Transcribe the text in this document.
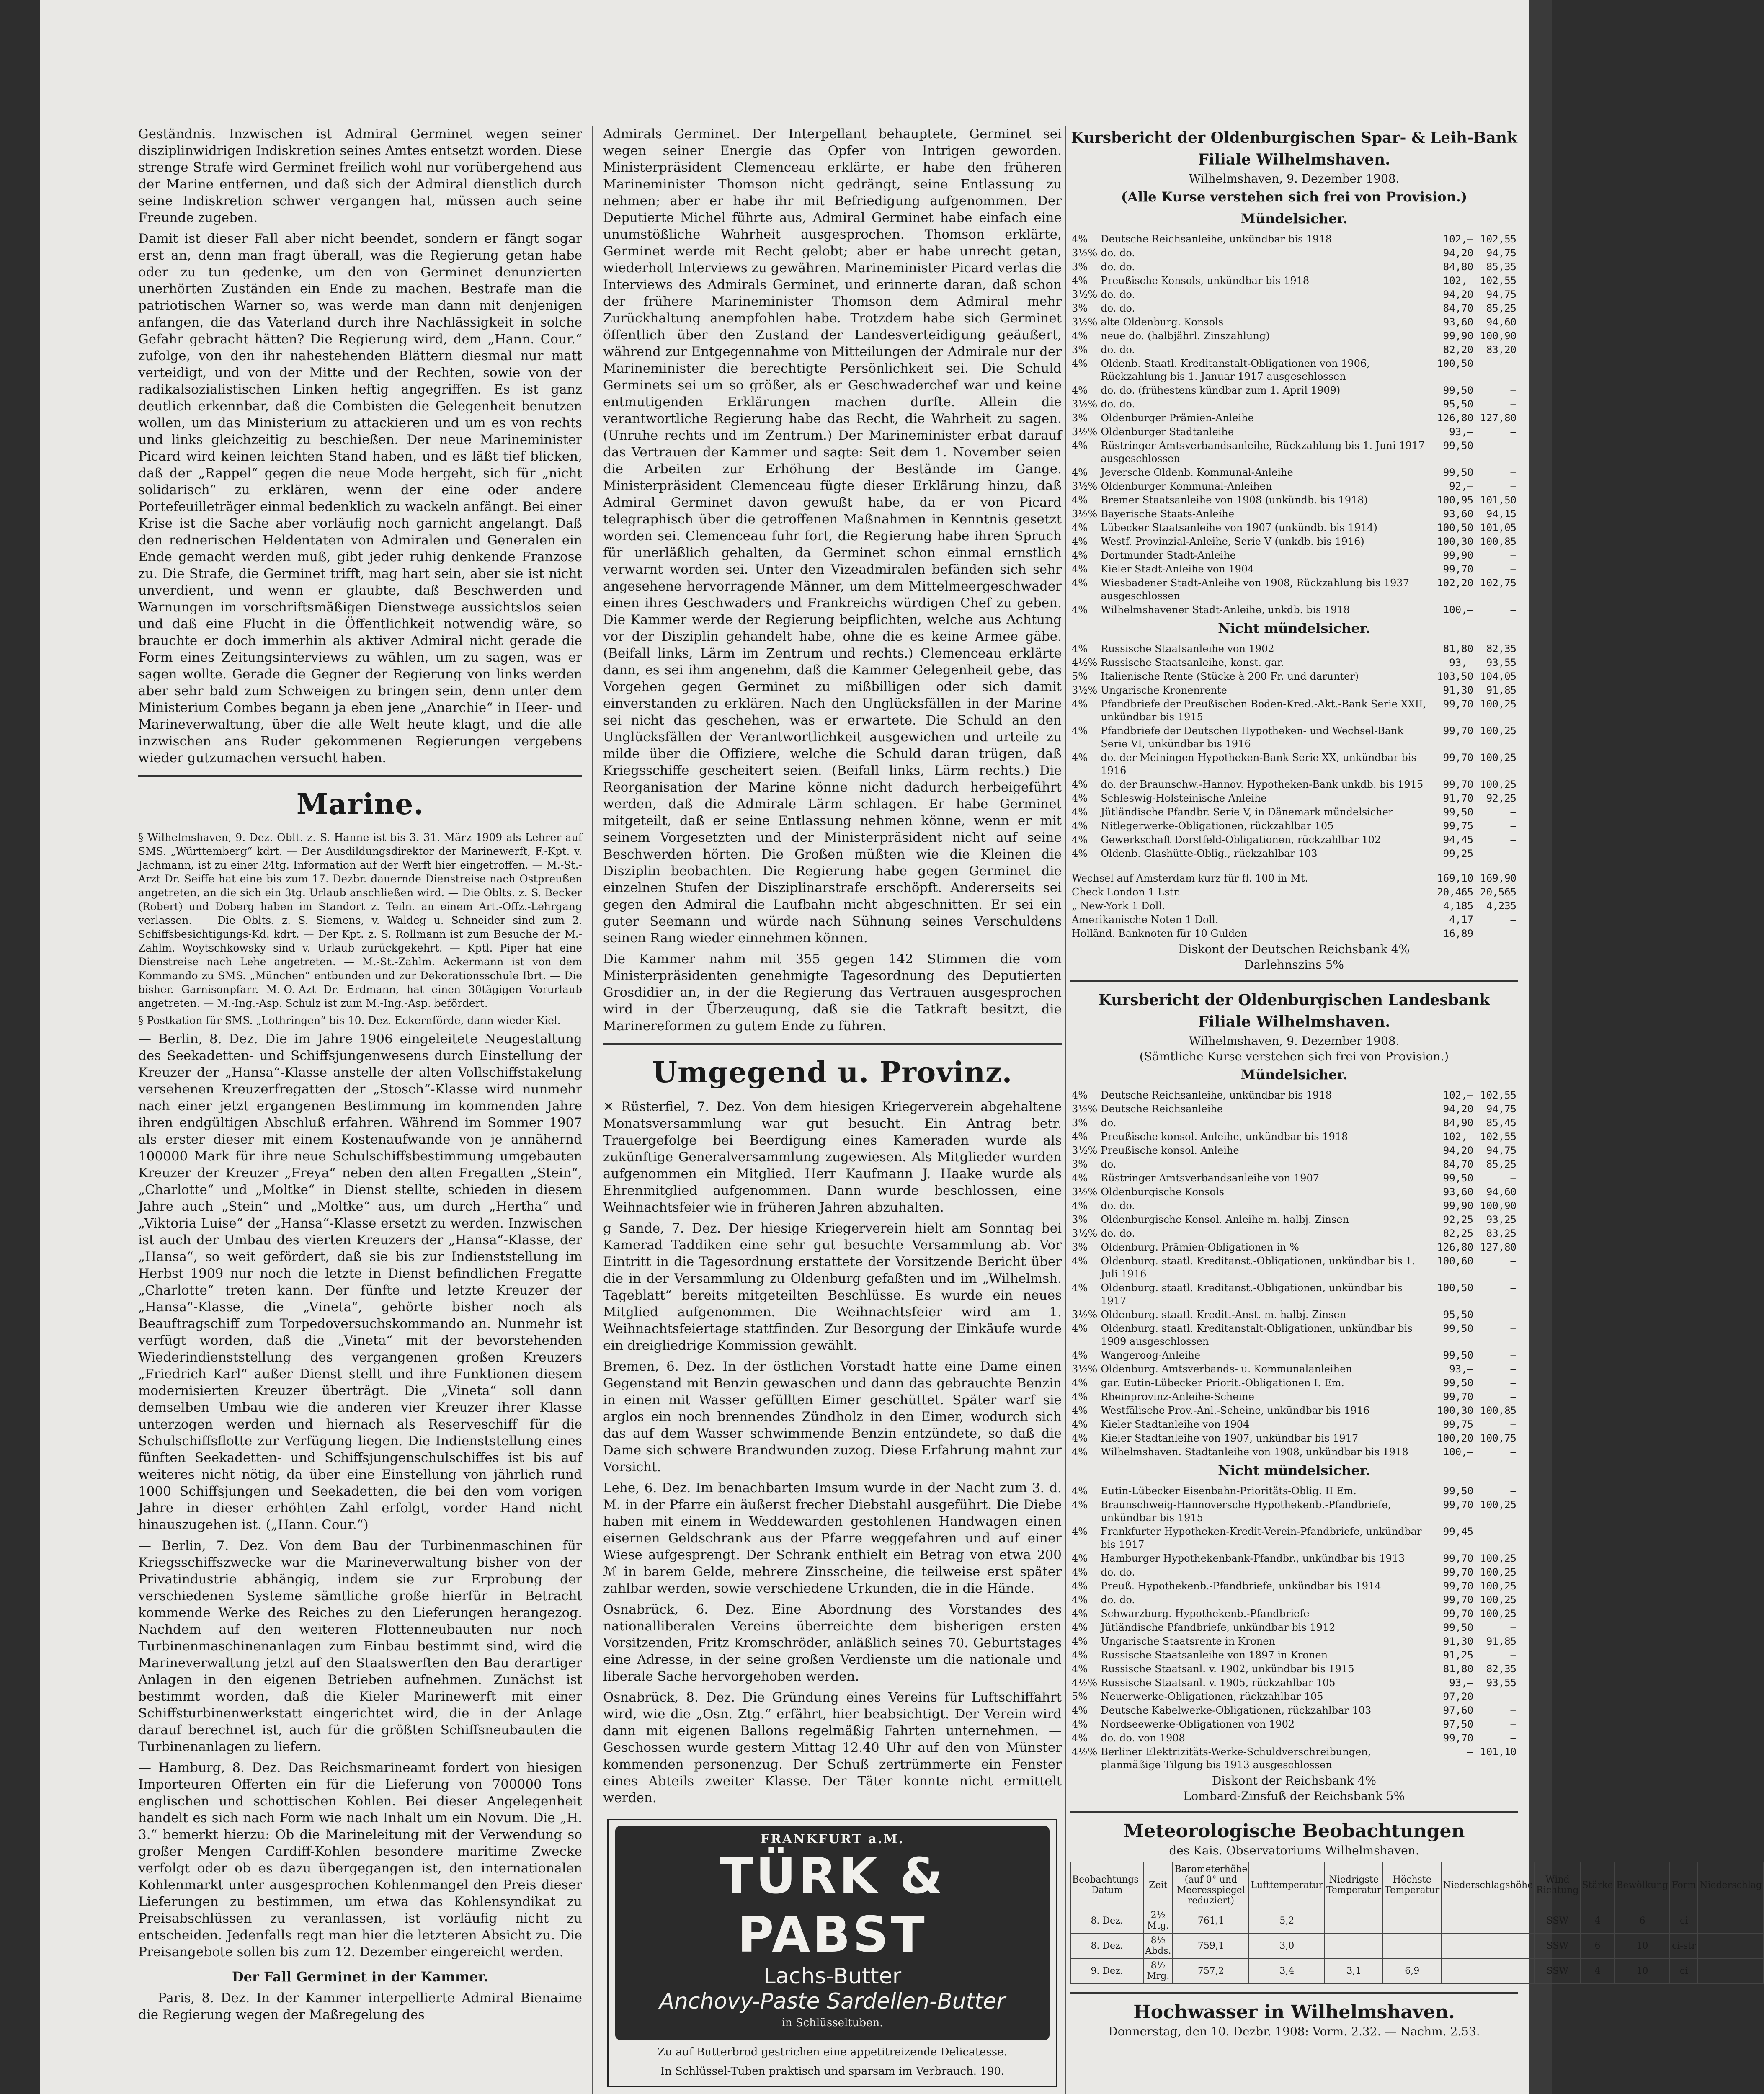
Geständnis. Inzwischen ist Admiral Germinet wegen seiner disziplinwidrigen Indiskretion seines Amtes entsetzt worden. Diese strenge Strafe wird Germinet freilich wohl nur vorübergehend aus der Marine entfernen, und daß sich der Admiral dienstlich durch seine Indiskretion schwer vergangen hat, müssen auch seine Freunde zugeben.

Damit ist dieser Fall aber nicht beendet, sondern er fängt sogar erst an, denn man fragt überall, was die Regierung getan habe oder zu tun gedenke, um den von Germinet denunzierten unerhörten Zuständen ein Ende zu machen. Bestrafe man die patriotischen Warner so, was werde man dann mit denjenigen anfangen, die das Vaterland durch ihre Nachlässigkeit in solche Gefahr gebracht hätten? Die Regierung wird, dem „Hann. Cour.“ zufolge, von den ihr nahestehenden Blättern diesmal nur matt verteidigt, und von der Mitte und der Rechten, sowie von der radikalsozialistischen Linken heftig angegriffen. Es ist ganz deutlich erkennbar, daß die Combisten die Gelegenheit benutzen wollen, um das Ministerium zu attackieren und um es von rechts und links gleichzeitig zu beschießen. Der neue Marineminister Picard wird keinen leichten Stand haben, und es läßt tief blicken, daß der „Rappel“ gegen die neue Mode hergeht, sich für „nicht solidarisch“ zu erklären, wenn der eine oder andere Portefeuilleträger einmal bedenklich zu wackeln anfängt. Bei einer Krise ist die Sache aber vorläufig noch garnicht angelangt. Daß den rednerischen Heldentaten von Admiralen und Generalen ein Ende gemacht werden muß, gibt jeder ruhig denkende Franzose zu. Die Strafe, die Germinet trifft, mag hart sein, aber sie ist nicht unverdient, und wenn er glaubte, daß Beschwerden und Warnungen im vorschriftsmäßigen Dienstwege aussichtslos seien und daß eine Flucht in die Öffentlichkeit notwendig wäre, so brauchte er doch immerhin als aktiver Admiral nicht gerade die Form eines Zeitungsinterviews zu wählen, um zu sagen, was er sagen wollte. Gerade die Gegner der Regierung von links werden aber sehr bald zum Schweigen zu bringen sein, denn unter dem Ministerium Combes begann ja eben jene „Anarchie“ in Heer- und Marineverwaltung, über die alle Welt heute klagt, und die alle inzwischen ans Ruder gekommenen Regierungen vergebens wieder gutzumachen versucht haben.

Marine.

§ Wilhelmshaven, 9. Dez. Oblt. z. S. Hanne ist bis 3. 31. März 1909 als Lehrer auf SMS. „Württemberg“ kdrt. — Der Ausdildungsdirektor der Marinewerft, F.-Kpt. v. Jachmann, ist zu einer 24tg. Information auf der Werft hier eingetroffen. — M.-St.-Arzt Dr. Seiffe hat eine bis zum 17. Dezbr. dauernde Dienstreise nach Ostpreußen angetreten, an die sich ein 3tg. Urlaub anschließen wird. — Die Oblts. z. S. Becker (Robert) und Doberg haben im Standort z. Teiln. an einem Art.-Offz.-Lehrgang verlassen. — Die Oblts. z. S. Siemens, v. Waldeg u. Schneider sind zum 2. Schiffsbesichtigungs-Kd. kdrt. — Der Kpt. z. S. Rollmann ist zum Besuche der M.-Zahlm. Woytschkowsky sind v. Urlaub zurückgekehrt. — Kptl. Piper hat eine Dienstreise nach Lehe angetreten. — M.-St.-Zahlm. Ackermann ist von dem Kommando zu SMS. „München“ entbunden und zur Dekorationsschule Ibrt. — Die bisher. Garnisonpfarr. M.-O.-Azt Dr. Erdmann, hat einen 30tägigen Vorurlaub angetreten. — M.-Ing.-Asp. Schulz ist zum M.-Ing.-Asp. befördert.

§ Postkation für SMS. „Lothringen“ bis 10. Dez. Eckernförde, dann wieder Kiel.

— Berlin, 8. Dez. Die im Jahre 1906 eingeleitete Neugestaltung des Seekadetten- und Schiffsjungenwesens durch Einstellung der Kreuzer der „Hansa“-Klasse anstelle der alten Vollschiffstakelung versehenen Kreuzerfregatten der „Stosch“-Klasse wird nunmehr nach einer jetzt ergangenen Bestimmung im kommenden Jahre ihren endgültigen Abschluß erfahren. Während im Sommer 1907 als erster dieser mit einem Kostenaufwande von je annähernd 100000 Mark für ihre neue Schulschiffsbestimmung umgebauten Kreuzer der Kreuzer „Freya“ neben den alten Fregatten „Stein“, „Charlotte“ und „Moltke“ in Dienst stellte, schieden in diesem Jahre auch „Stein“ und „Moltke“ aus, um durch „Hertha“ und „Viktoria Luise“ der „Hansa“-Klasse ersetzt zu werden. Inzwischen ist auch der Umbau des vierten Kreuzers der „Hansa“-Klasse, der „Hansa“, so weit gefördert, daß sie bis zur Indienststellung im Herbst 1909 nur noch die letzte in Dienst befindlichen Fregatte „Charlotte“ treten kann. Der fünfte und letzte Kreuzer der „Hansa“-Klasse, die „Vineta“, gehörte bisher noch als Beauftragschiff zum Torpedoversuchskommando an. Nunmehr ist verfügt worden, daß die „Vineta“ mit der bevorstehenden Wiederindienststellung des vergangenen großen Kreuzers „Friedrich Karl“ außer Dienst stellt und ihre Funktionen diesem modernisierten Kreuzer überträgt. Die „Vineta“ soll dann demselben Umbau wie die anderen vier Kreuzer ihrer Klasse unterzogen werden und hiernach als Reserveschiff für die Schulschiffsflotte zur Verfügung liegen. Die Indienststellung eines fünften Seekadetten- und Schiffsjungenschulschiffes ist bis auf weiteres nicht nötig, da über eine Einstellung von jährlich rund 1000 Schiffsjungen und Seekadetten, die bei den vom vorigen Jahre in dieser erhöhten Zahl erfolgt, vorder Hand nicht hinauszugehen ist. („Hann. Cour.“)

— Berlin, 7. Dez. Von dem Bau der Turbinenmaschinen für Kriegsschiffszwecke war die Marineverwaltung bisher von der Privatindustrie abhängig, indem sie zur Erprobung der verschiedenen Systeme sämtliche große hierfür in Betracht kommende Werke des Reiches zu den Lieferungen herangezog. Nachdem auf den weiteren Flottenneubauten nur noch Turbinenmaschinenanlagen zum Einbau bestimmt sind, wird die Marineverwaltung jetzt auf den Staatswerften den Bau derartiger Anlagen in den eigenen Betrieben aufnehmen. Zunächst ist bestimmt worden, daß die Kieler Marinewerft mit einer Schiffsturbinenwerkstatt eingerichtet wird, die in der Anlage darauf berechnet ist, auch für die größten Schiffsneubauten die Turbinenanlagen zu liefern.

— Hamburg, 8. Dez. Das Reichsmarineamt fordert von hiesigen Importeuren Offerten ein für die Lieferung von 700000 Tons englischen und schottischen Kohlen. Bei dieser Angelegenheit handelt es sich nach Form wie nach Inhalt um ein Novum. Die „H. 3.“ bemerkt hierzu: Ob die Marineleitung mit der Verwendung so großer Mengen Cardiff-Kohlen besondere maritime Zwecke verfolgt oder ob es dazu übergegangen ist, den internationalen Kohlenmarkt unter ausgesprochen Kohlenmangel den Preis dieser Lieferungen zu bestimmen, um etwa das Kohlensyndikat zu Preisabschlüssen zu veranlassen, ist vorläufig nicht zu entscheiden. Jedenfalls regt man hier die letzteren Absicht zu. Die Preisangebote sollen bis zum 12. Dezember eingereicht werden.

Der Fall Germinet in der Kammer.

— Paris, 8. Dez. In der Kammer interpellierte Admiral Bienaime die Regierung wegen der Maßregelung des

Admirals Germinet. Der Interpellant behauptete, Germinet sei wegen seiner Energie das Opfer von Intrigen geworden. Ministerpräsident Clemenceau erklärte, er habe den früheren Marineminister Thomson nicht gedrängt, seine Entlassung zu nehmen; aber er habe ihr mit Befriedigung aufgenommen. Der Deputierte Michel führte aus, Admiral Germinet habe einfach eine unumstößliche Wahrheit ausgesprochen. Thomson erklärte, Germinet werde mit Recht gelobt; aber er habe unrecht getan, wiederholt Interviews zu gewähren. Marineminister Picard verlas die Interviews des Admirals Germinet, und erinnerte daran, daß schon der frühere Marineminister Thomson dem Admiral mehr Zurückhaltung anempfohlen habe. Trotzdem habe sich Germinet öffentlich über den Zustand der Landesverteidigung geäußert, während zur Entgegennahme von Mitteilungen der Admirale nur der Marineminister die berechtigte Persönlichkeit sei. Die Schuld Germinets sei um so größer, als er Geschwaderchef war und keine entmutigenden Erklärungen machen durfte. Allein die verantwortliche Regierung habe das Recht, die Wahrheit zu sagen. (Unruhe rechts und im Zentrum.) Der Marineminister erbat darauf das Vertrauen der Kammer und sagte: Seit dem 1. November seien die Arbeiten zur Erhöhung der Bestände im Gange. Ministerpräsident Clemenceau fügte dieser Erklärung hinzu, daß Admiral Germinet davon gewußt habe, da er von Picard telegraphisch über die getroffenen Maßnahmen in Kenntnis gesetzt worden sei. Clemenceau fuhr fort, die Regierung habe ihren Spruch für unerläßlich gehalten, da Germinet schon einmal ernstlich verwarnt worden sei. Unter den Vizeadmiralen befänden sich sehr angesehene hervorragende Männer, um dem Mittelmeergeschwader einen ihres Geschwaders und Frankreichs würdigen Chef zu geben. Die Kammer werde der Regierung beipflichten, welche aus Achtung vor der Disziplin gehandelt habe, ohne die es keine Armee gäbe. (Beifall links, Lärm im Zentrum und rechts.) Clemenceau erklärte dann, es sei ihm angenehm, daß die Kammer Gelegenheit gebe, das Vorgehen gegen Germinet zu mißbilligen oder sich damit einverstanden zu erklären. Nach den Unglücksfällen in der Marine sei nicht das geschehen, was er erwartete. Die Schuld an den Unglücksfällen der Verantwortlichkeit ausgewichen und urteile zu milde über die Offiziere, welche die Schuld daran trügen, daß Kriegsschiffe gescheitert seien. (Beifall links, Lärm rechts.) Die Reorganisation der Marine könne nicht dadurch herbeigeführt werden, daß die Admirale Lärm schlagen. Er habe Germinet mitgeteilt, daß er seine Entlassung nehmen könne, wenn er mit seinem Vorgesetzten und der Ministerpräsident nicht auf seine Beschwerden hörten. Die Großen müßten wie die Kleinen die Disziplin beobachten. Die Regierung habe gegen Germinet die einzelnen Stufen der Disziplinarstrafe erschöpft. Andererseits sei gegen den Admiral die Laufbahn nicht abgeschnitten. Er sei ein guter Seemann und würde nach Sühnung seines Verschuldens seinen Rang wieder einnehmen können.

Die Kammer nahm mit 355 gegen 142 Stimmen die vom Ministerpräsidenten genehmigte Tagesordnung des Deputierten Grosdidier an, in der die Regierung das Vertrauen ausgesprochen wird in der Überzeugung, daß sie die Tatkraft besitzt, die Marinereformen zu gutem Ende zu führen.

Umgegend u. Provinz.

✕ Rüsterfiel, 7. Dez. Von dem hiesigen Kriegerverein abgehaltene Monatsversammlung war gut besucht. Ein Antrag betr. Trauergefolge bei Beerdigung eines Kameraden wurde als zukünftige Generalversammlung zugewiesen. Als Mitglieder wurden aufgenommen ein Mitglied. Herr Kaufmann J. Haake wurde als Ehrenmitglied aufgenommen. Dann wurde beschlossen, eine Weihnachtsfeier wie in früheren Jahren abzuhalten.

g Sande, 7. Dez. Der hiesige Kriegerverein hielt am Sonntag bei Kamerad Taddiken eine sehr gut besuchte Versammlung ab. Vor Eintritt in die Tagesordnung erstattete der Vorsitzende Bericht über die in der Versammlung zu Oldenburg gefaßten und im „Wilhelmsh. Tageblatt“ bereits mitgeteilten Beschlüsse. Es wurde ein neues Mitglied aufgenommen. Die Weihnachtsfeier wird am 1. Weihnachtsfeiertage stattfinden. Zur Besorgung der Einkäufe wurde ein dreigliedrige Kommission gewählt.

Bremen, 6. Dez. In der östlichen Vorstadt hatte eine Dame einen Gegenstand mit Benzin gewaschen und dann das gebrauchte Benzin in einen mit Wasser gefüllten Eimer geschüttet. Später warf sie arglos ein noch brennendes Zündholz in den Eimer, wodurch sich das auf dem Wasser schwimmende Benzin entzündete, so daß die Dame sich schwere Brandwunden zuzog. Diese Erfahrung mahnt zur Vorsicht.

Lehe, 6. Dez. Im benachbarten Imsum wurde in der Nacht zum 3. d. M. in der Pfarre ein äußerst frecher Diebstahl ausgeführt. Die Diebe haben mit einem in Weddewarden gestohlenen Handwagen einen eisernen Geldschrank aus der Pfarre weggefahren und auf einer Wiese aufgesprengt. Der Schrank enthielt ein Betrag von etwa 200 ℳ in barem Gelde, mehrere Zinsscheine, die teilweise erst später zahlbar werden, sowie verschiedene Urkunden, die in die Hände.

Osnabrück, 6. Dez. Eine Abordnung des Vorstandes des nationalliberalen Vereins überreichte dem bisherigen ersten Vorsitzenden, Fritz Kromschröder, anläßlich seines 70. Geburtstages eine Adresse, in der seine großen Verdienste um die nationale und liberale Sache hervorgehoben werden.

Osnabrück, 8. Dez. Die Gründung eines Vereins für Luftschiffahrt wird, wie die „Osn. Ztg.“ erfährt, hier beabsichtigt. Der Verein wird dann mit eigenen Ballons regelmäßig Fahrten unternehmen. — Geschossen wurde gestern Mittag 12.40 Uhr auf den von Münster kommenden personenzug. Der Schuß zertrümmerte ein Fenster eines Abteils zweiter Klasse. Der Täter konnte nicht ermittelt werden.

FRANKFURT a.M.
TÜRK & PABST
Lachs-Butter
Anchovy-Paste Sardellen-Butter
in Schlüsseltuben.
Zu auf Butterbrod gestrichen eine appetitreizende Delicatesse.
In Schlüssel-Tuben praktisch und sparsam im Verbrauch. 190.
Kursbericht der Oldenburgischen Spar- & Leih-Bank
Filiale Wilhelmshaven.
Wilhelmshaven, 9. Dezember 1908.
(Alle Kurse verstehen sich frei von Provision.)
Mündelsicher.
4%	Deutsche Reichsanleihe, unkündbar bis 1918	102,—	102,55
3½%	do. do.	94,20	94,75
3%	do. do.	84,80	85,35
4%	Preußische Konsols, unkündbar bis 1918	102,—	102,55
3½%	do. do.	94,20	94,75
3%	do. do.	84,70	85,25
3½%	alte Oldenburg. Konsols	93,60	94,60
4%	neue do. (halbjährl. Zinszahlung)	99,90	100,90
3%	do. do.	82,20	83,20
4%	Oldenb. Staatl. Kreditanstalt-Obligationen von 1906, Rückzahlung bis 1. Januar 1917 ausgeschlossen	100,50	—
4%	do. do. (frühestens kündbar zum 1. April 1909)	99,50	—
3½%	do. do.	95,50	—
3%	Oldenburger Prämien-Anleihe	126,80	127,80
3½%	Oldenburger Stadtanleihe	93,—	—
4%	Rüstringer Amtsverbandsanleihe, Rückzahlung bis 1. Juni 1917 ausgeschlossen	99,50	—
4%	Jeversche Oldenb. Kommunal-Anleihe	99,50	—
3½%	Oldenburger Kommunal-Anleihen	92,—	—
4%	Bremer Staatsanleihe von 1908 (unkündb. bis 1918)	100,95	101,50
3½%	Bayerische Staats-Anleihe	93,60	94,15
4%	Lübecker Staatsanleihe von 1907 (unkündb. bis 1914)	100,50	101,05
4%	Westf. Provinzial-Anleihe, Serie V (unkdb. bis 1916)	100,30	100,85
4%	Dortmunder Stadt-Anleihe	99,90	—
4%	Kieler Stadt-Anleihe von 1904	99,70	—
4%	Wiesbadener Stadt-Anleihe von 1908, Rückzahlung bis 1937 ausgeschlossen	102,20	102,75
4%	Wilhelmshavener Stadt-Anleihe, unkdb. bis 1918	100,—	—
Nicht mündelsicher.
4%	Russische Staatsanleihe von 1902	81,80	82,35
4½%	Russische Staatsanleihe, konst. gar.	93,—	93,55
5%	Italienische Rente (Stücke à 200 Fr. und darunter)	103,50	104,05
3½%	Ungarische Kronenrente	91,30	91,85
4%	Pfandbriefe der Preußischen Boden-Kred.-Akt.-Bank Serie XXII, unkündbar bis 1915	99,70	100,25
4%	Pfandbriefe der Deutschen Hypotheken- und Wechsel-Bank Serie VI, unkündbar bis 1916	99,70	100,25
4%	do. der Meiningen Hypotheken-Bank Serie XX, unkündbar bis 1916	99,70	100,25
4%	do. der Braunschw.-Hannov. Hypotheken-Bank unkdb. bis 1915	99,70	100,25
4%	Schleswig-Holsteinische Anleihe	91,70	92,25
4%	Jütländische Pfandbr. Serie V, in Dänemark mündelsicher	99,50	—
4%	Nitlegerwerke-Obligationen, rückzahlbar 105	99,75	—
4%	Gewerkschaft Dorstfeld-Obligationen, rückzahlbar 102	94,45	—
4%	Oldenb. Glashütte-Oblig., rückzahlbar 103	99,25	—
Wechsel auf Amsterdam kurz für fl. 100 in Mt.	169,10	169,90
Check London 1 Lstr.	20,465	20,565
„ New-York 1 Doll.	4,185	4,235
Amerikanische Noten 1 Doll.	4,17	—
Holländ. Banknoten für 10 Gulden	16,89	—
Diskont der Deutschen Reichsbank 4%
Darlehnszins 5%
Kursbericht der Oldenburgischen Landesbank
Filiale Wilhelmshaven.
Wilhelmshaven, 9. Dezember 1908.
(Sämtliche Kurse verstehen sich frei von Provision.)
Mündelsicher.
4%	Deutsche Reichsanleihe, unkündbar bis 1918	102,—	102,55
3½%	Deutsche Reichsanleihe	94,20	94,75
3%	do.	84,90	85,45
4%	Preußische konsol. Anleihe, unkündbar bis 1918	102,—	102,55
3½%	Preußische konsol. Anleihe	94,20	94,75
3%	do.	84,70	85,25
4%	Rüstringer Amtsverbandsanleihe von 1907	99,50	—
3½%	Oldenburgische Konsols	93,60	94,60
4%	do. do.	99,90	100,90
3%	Oldenburgische Konsol. Anleihe m. halbj. Zinsen	92,25	93,25
3½%	do. do.	82,25	83,25
3%	Oldenburg. Prämien-Obligationen in %	126,80	127,80
4%	Oldenburg. staatl. Kreditanst.-Obligationen, unkündbar bis 1. Juli 1916	100,60	—
4%	Oldenburg. staatl. Kreditanst.-Obligationen, unkündbar bis 1917	100,50	—
3½%	Oldenburg. staatl. Kredit.-Anst. m. halbj. Zinsen	95,50	—
4%	Oldenburg. staatl. Kreditanstalt-Obligationen, unkündbar bis 1909 ausgeschlossen	99,50	—
4%	Wangeroog-Anleihe	99,50	—
3½%	Oldenburg. Amtsverbands- u. Kommunalanleihen	93,—	—
4%	gar. Eutin-Lübecker Priorit.-Obligationen I. Em.	99,50	—
4%	Rheinprovinz-Anleihe-Scheine	99,70	—
4%	Westfälische Prov.-Anl.-Scheine, unkündbar bis 1916	100,30	100,85
4%	Kieler Stadtanleihe von 1904	99,75	—
4%	Kieler Stadtanleihe von 1907, unkündbar bis 1917	100,20	100,75
4%	Wilhelmshaven. Stadtanleihe von 1908, unkündbar bis 1918	100,—	—
Nicht mündelsicher.
4%	Eutin-Lübecker Eisenbahn-Prioritäts-Oblig. II Em.	99,50	—
4%	Braunschweig-Hannoversche Hypothekenb.-Pfandbriefe, unkündbar bis 1915	99,70	100,25
4%	Frankfurter Hypotheken-Kredit-Verein-Pfandbriefe, unkündbar bis 1917	99,45	—
4%	Hamburger Hypothekenbank-Pfandbr., unkündbar bis 1913	99,70	100,25
4%	do. do.	99,70	100,25
4%	Preuß. Hypothekenb.-Pfandbriefe, unkündbar bis 1914	99,70	100,25
4%	do. do.	99,70	100,25
4%	Schwarzburg. Hypothekenb.-Pfandbriefe	99,70	100,25
4%	Jütländische Pfandbriefe, unkündbar bis 1912	99,50	—
4%	Ungarische Staatsrente in Kronen	91,30	91,85
4%	Russische Staatsanleihe von 1897 in Kronen	91,25	—
4%	Russische Staatsanl. v. 1902, unkündbar bis 1915	81,80	82,35
4½%	Russische Staatsanl. v. 1905, rückzahlbar 105	93,—	93,55
5%	Neuerwerke-Obligationen, rückzahlbar 105	97,20	—
4%	Deutsche Kabelwerke-Obligationen, rückzahlbar 103	97,60	—
4%	Nordseewerke-Obligationen von 1902	97,50	—
4%	do. do. von 1908	99,70	—
4½%	Berliner Elektrizitäts-Werke-Schuldverschreibungen, planmäßige Tilgung bis 1913 ausgeschlossen	—	101,10
Diskont der Reichsbank 4%
Lombard-Zinsfuß der Reichsbank 5%
Meteorologische Beobachtungen
des Kais. Observatoriums Wilhelmshaven.
Beobachtungs-Datum	Zeit	Barometerhöhe (auf 0° und Meeresspiegel reduziert)	Lufttemperatur	Niedrigste Temperatur	Höchste Temperatur	Niederschlagshöhe	Wind Richtung	Stärke	Bewölkung	Form	Niederschlag
8. Dez.	2½ Mtg.	761,1	5,2				SSW	4	6	ci	
8. Dez.	8½ Abds.	759,1	3,0				SSW	6	10	ci-str	
9. Dez.	8½ Mrg.	757,2	3,4	3,1	6,9		SSW	4	10	ci	
Hochwasser in Wilhelmshaven.
Donnerstag, den 10. Dezbr. 1908: Vorm. 2.32. — Nachm. 2.53.
